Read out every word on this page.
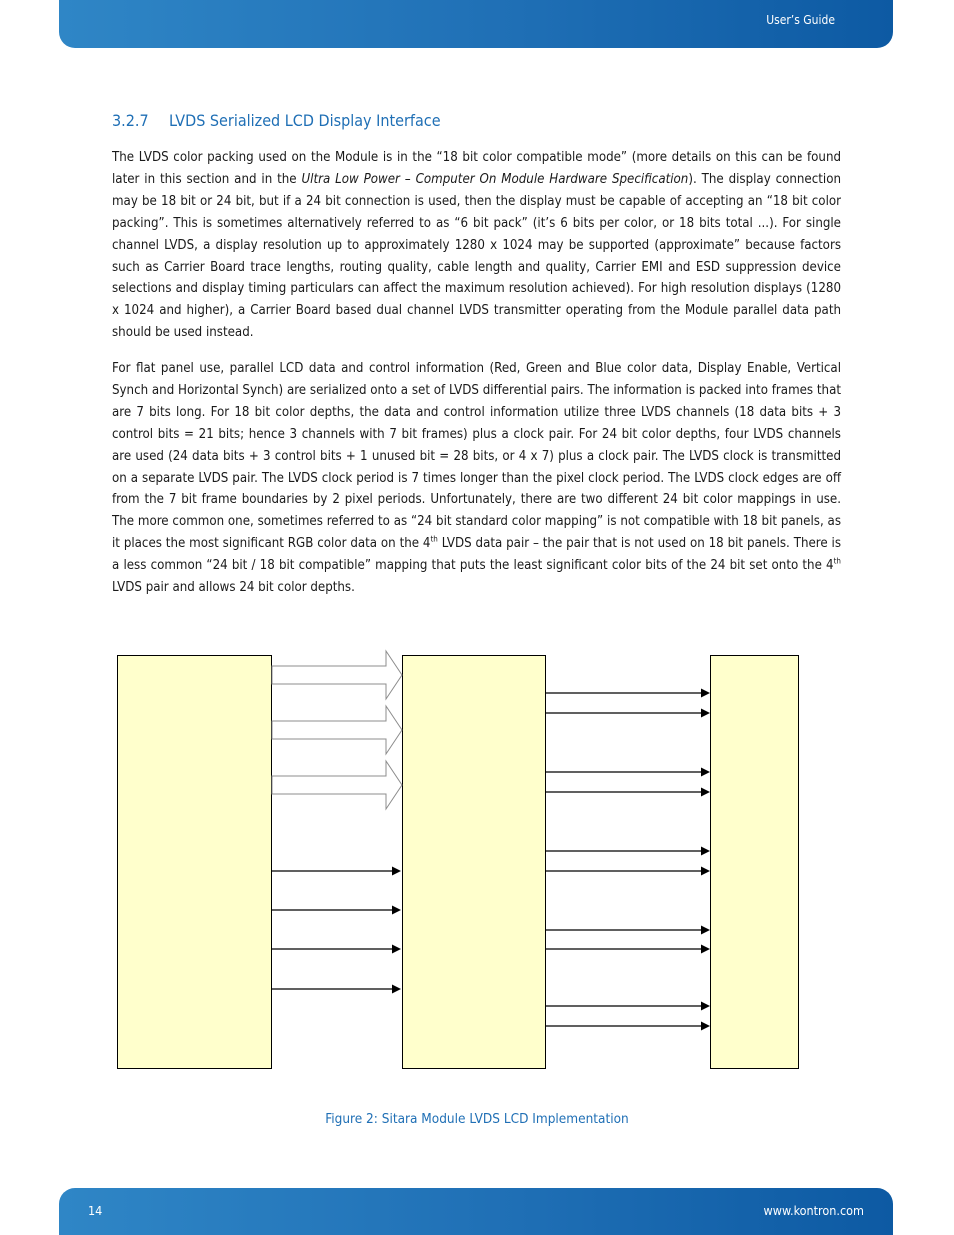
User’s Guide
3.2.7 LVDS Serialized LCD Display Interface

The LVDS color packing used on the Module is in the “18 bit color compatible mode” (more details on this can be found later in this section and in the Ultra Low Power – Computer On Module Hardware Specification). The display connection may be 18 bit or 24 bit, but if a 24 bit connection is used, then the display must be capable of accepting an “18 bit color packing”. This is sometimes alternatively referred to as “6 bit pack” (it’s 6 bits per color, or 18 bits total ...). For single channel LVDS, a display resolution up to approximately 1280 x 1024 may be supported (approximate” because factors such as Carrier Board trace lengths, routing quality, cable length and quality, Carrier EMI and ESD suppression device selections and display timing particulars can affect the maximum resolution achieved). For high resolution displays (1280 x 1024 and higher), a Carrier Board based dual channel LVDS transmitter operating from the Module parallel data path should be used instead.

For flat panel use, parallel LCD data and control information (Red, Green and Blue color data, Display Enable, Vertical Synch and Horizontal Synch) are serialized onto a set of LVDS differential pairs. The information is packed into frames that are 7 bits long. For 18 bit color depths, the data and control information utilize three LVDS channels (18 data bits + 3 control bits = 21 bits; hence 3 channels with 7 bit frames) plus a clock pair. For 24 bit color depths, four LVDS channels are used (24 data bits + 3 control bits + 1 unused bit = 28 bits, or 4 x 7) plus a clock pair. The LVDS clock is transmitted on a separate LVDS pair. The LVDS clock period is 7 times longer than the pixel clock period. The LVDS clock edges are off from the 7 bit frame boundaries by 2 pixel periods. Unfortunately, there are two different 24 bit color mappings in use. The more common one, sometimes referred to as “24 bit standard color mapping” is not compatible with 18 bit panels, as it places the most significant RGB color data on the 4th LVDS data pair – the pair that is not used on 18 bit panels. There is a less common “24 bit / 18 bit compatible” mapping that puts the least significant color bits of the 24 bit set onto the 4th LVDS pair and allows 24 bit color depths.

Figure 2: Sitara Module LVDS LCD Implementation
14	www.kontron.com
